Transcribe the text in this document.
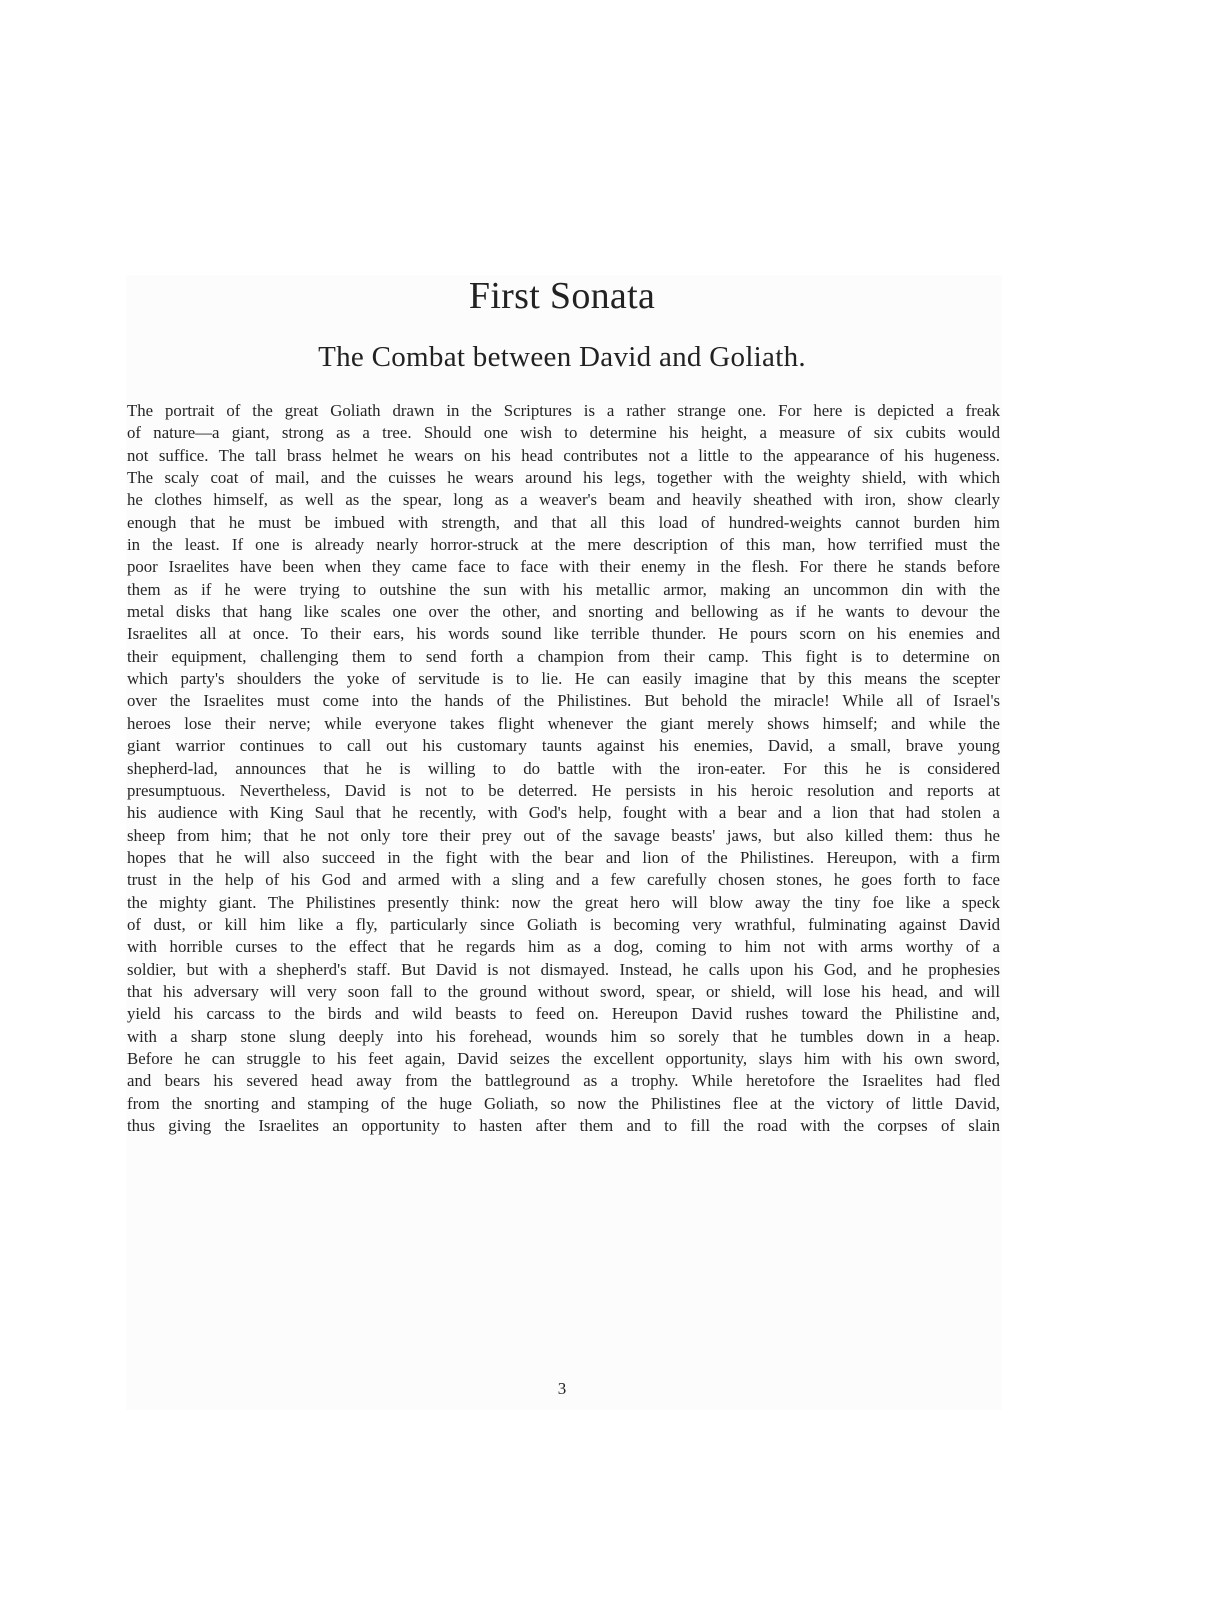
First Sonata
The Combat between David and Goliath.
The portrait of the great Goliath drawn in the Scriptures is a rather strange one. For here is depicted a freak
of nature—a giant, strong as a tree. Should one wish to determine his height, a measure of six cubits would
not suffice. The tall brass helmet he wears on his head contributes not a little to the appearance of his hugeness.
The scaly coat of mail, and the cuisses he wears around his legs, together with the weighty shield, with which
he clothes himself, as well as the spear, long as a weaver's beam and heavily sheathed with iron, show clearly
enough that he must be imbued with strength, and that all this load of hundred-weights cannot burden him
in the least. If one is already nearly horror-struck at the mere description of this man, how terrified must the
poor Israelites have been when they came face to face with their enemy in the flesh. For there he stands before
them as if he were trying to outshine the sun with his metallic armor, making an uncommon din with the
metal disks that hang like scales one over the other, and snorting and bellowing as if he wants to devour the
Israelites all at once. To their ears, his words sound like terrible thunder. He pours scorn on his enemies and
their equipment, challenging them to send forth a champion from their camp. This fight is to determine on
which party's shoulders the yoke of servitude is to lie. He can easily imagine that by this means the scepter
over the Israelites must come into the hands of the Philistines. But behold the miracle! While all of Israel's
heroes lose their nerve; while everyone takes flight whenever the giant merely shows himself; and while the
giant warrior continues to call out his customary taunts against his enemies, David, a small, brave young
shepherd-lad, announces that he is willing to do battle with the iron-eater. For this he is considered
presumptuous. Nevertheless, David is not to be deterred. He persists in his heroic resolution and reports at
his audience with King Saul that he recently, with God's help, fought with a bear and a lion that had stolen a
sheep from him; that he not only tore their prey out of the savage beasts' jaws, but also killed them: thus he
hopes that he will also succeed in the fight with the bear and lion of the Philistines. Hereupon, with a firm
trust in the help of his God and armed with a sling and a few carefully chosen stones, he goes forth to face
the mighty giant. The Philistines presently think: now the great hero will blow away the tiny foe like a speck
of dust, or kill him like a fly, particularly since Goliath is becoming very wrathful, fulminating against David
with horrible curses to the effect that he regards him as a dog, coming to him not with arms worthy of a
soldier, but with a shepherd's staff. But David is not dismayed. Instead, he calls upon his God, and he prophesies
that his adversary will very soon fall to the ground without sword, spear, or shield, will lose his head, and will
yield his carcass to the birds and wild beasts to feed on. Hereupon David rushes toward the Philistine and,
with a sharp stone slung deeply into his forehead, wounds him so sorely that he tumbles down in a heap.
Before he can struggle to his feet again, David seizes the excellent opportunity, slays him with his own sword,
and bears his severed head away from the battleground as a trophy. While heretofore the Israelites had fled
from the snorting and stamping of the huge Goliath, so now the Philistines flee at the victory of little David,
thus giving the Israelites an opportunity to hasten after them and to fill the road with the corpses of slain
3
